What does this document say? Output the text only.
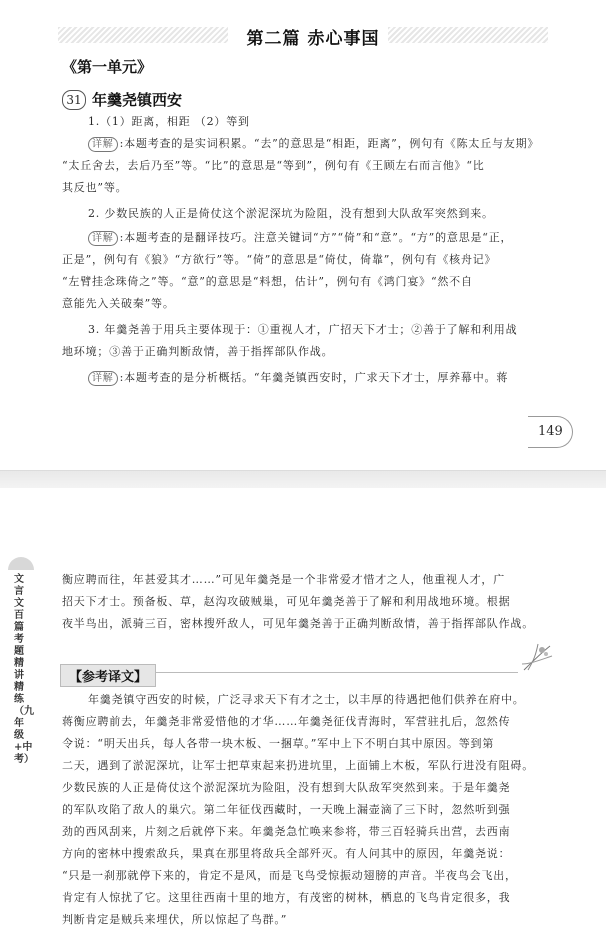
第二篇 赤心事国
《第一单元》
31 年羹尧镇西安
1.（1）距离，相距 （2）等到
详解 :本题考查的是实词积累。“去”的意思是“相距，距离”，例句有《陈太丘与友期》
“太丘舍去，去后乃至”等。“比”的意思是“等到”，例句有《王顾左右而言他》“比
其反也”等。
2. 少数民族的人正是倚仗这个淤泥深坑为险阻，没有想到大队敌军突然到来。
详解 :本题考查的是翻译技巧。注意关键词“方”“倚”和“意”。“方”的意思是“正，
正是”，例句有《狼》“方欲行”等。“倚”的意思是“倚仗，倚靠”，例句有《核舟记》
“左臂挂念珠倚之”等。“意”的意思是“料想，估计”，例句有《鸿门宴》“然不自
意能先入关破秦”等。
3. 年羹尧善于用兵主要体现于：①重视人才，广招天下才士；②善于了解和利用战
地环境；③善于正确判断敌情，善于指挥部队作战。
详解 :本题考查的是分析概括。“年羹尧镇西安时，广求天下才士，厚养幕中。蒋
149
文言文百篇考题精讲精练（九年级+中考）
衡应聘而往，年甚爱其才……”可见年羹尧是一个非常爱才惜才之人，他重视人才，广
招天下才士。预备板、草，赵沟攻破贼巢，可见年羹尧善于了解和利用战地环境。根据
夜半鸟出，派骑三百，密林搜歼敌人，可见年羹尧善于正确判断敌情，善于指挥部队作战。
【参考译文】
年羹尧镇守西安的时候，广泛寻求天下有才之士，以丰厚的待遇把他们供养在府中。
蒋衡应聘前去，年羹尧非常爱惜他的才华……年羹尧征伐青海时，军营驻扎后，忽然传
令说：“明天出兵，每人各带一块木板、一捆草。”军中上下不明白其中原因。等到第
二天，遇到了淤泥深坑，让军士把草束起来扔进坑里，上面铺上木板，军队行进没有阻碍。
少数民族的人正是倚仗这个淤泥深坑为险阻，没有想到大队敌军突然到来。于是年羹尧
的军队攻陷了敌人的巢穴。第二年征伐西藏时，一天晚上漏壶滴了三下时，忽然听到强
劲的西风刮来，片刻之后就停下来。年羹尧急忙唤来参将，带三百轻骑兵出营，去西南
方向的密林中搜索敌兵，果真在那里将敌兵全部歼灭。有人问其中的原因，年羹尧说：
“只是一刹那就停下来的，肯定不是风，而是飞鸟受惊振动翅膀的声音。半夜鸟会飞出，
肯定有人惊扰了它。这里往西南十里的地方，有茂密的树林，栖息的飞鸟肯定很多，我
判断肯定是贼兵来埋伏，所以惊起了鸟群。”
